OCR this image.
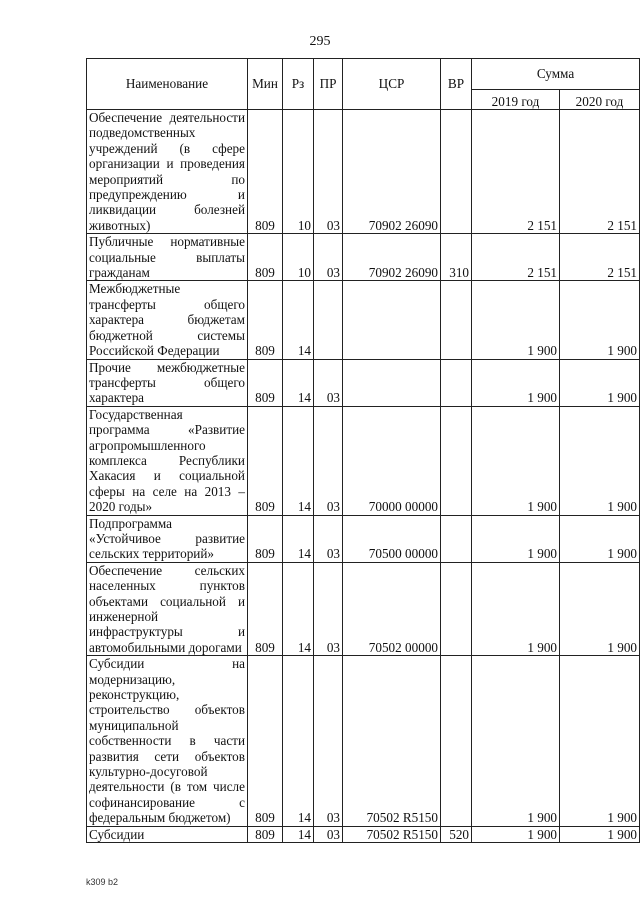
295
Наименование	Мин	Рз	ПР	ЦСР	ВР	Сумма	
						2019 год	2020 год
Обеспечение деятельности подведомственных учреждений (в сфере организации и проведения мероприятий по предупреждению и ликвидации болезней животных)	809	10	03	70902 26090		2 151	2 151
Публичные нормативные социальные выплаты гражданам	809	10	03	70902 26090	310	2 151	2 151
Межбюджетные трансферты общего характера бюджетам бюджетной системы Российской Федерации	809	14				1 900	1 900
Прочие межбюджетные трансферты общего характера	809	14	03			1 900	1 900
Государственная программа «Развитие агропромышленного комплекса Республики Хакасия и социальной сферы на селе на 2013 – 2020 годы»	809	14	03	70000 00000		1 900	1 900
Подпрограмма «Устойчивое развитие сельских территорий»	809	14	03	70500 00000		1 900	1 900
Обеспечение сельских населенных пунктов объектами социальной и инженерной инфраструктуры и автомобильными дорогами	809	14	03	70502 00000		1 900	1 900
Субсидии на модернизацию, реконструкцию, строительство объектов муниципальной собственности в части развития сети объектов культурно-досуговой деятельности (в том числе софинансирование с федеральным бюджетом)	809	14	03	70502 R5150		1 900	1 900
Субсидии	809	14	03	70502 R5150	520	1 900	1 900
k309 b2
